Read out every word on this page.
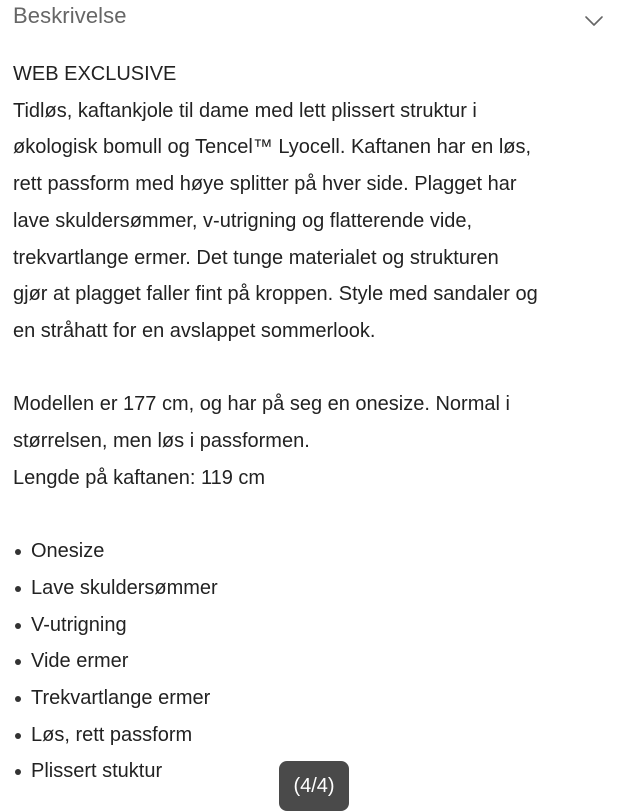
Beskrivelse

WEB EXCLUSIVE

Tidløs, kaftankjole til dame med lett plissert struktur i

økologisk bomull og Tencel™ Lyocell. Kaftanen har en løs,

rett passform med høye splitter på hver side. Plagget har

lave skuldersømmer, v-utrigning og flatterende vide,

trekvartlange ermer. Det tunge materialet og strukturen

gjør at plagget faller fint på kroppen. Style med sandaler og

en stråhatt for en avslappet sommerlook.

Modellen er 177 cm, og har på seg en onesize. Normal i

størrelsen, men løs i passformen.

Lengde på kaftanen: 119 cm

Onesize
Lave skuldersømmer
V-utrigning
Vide ermer
Trekvartlange ermer
Løs, rett passform
Plissert stuktur
(4/4)
